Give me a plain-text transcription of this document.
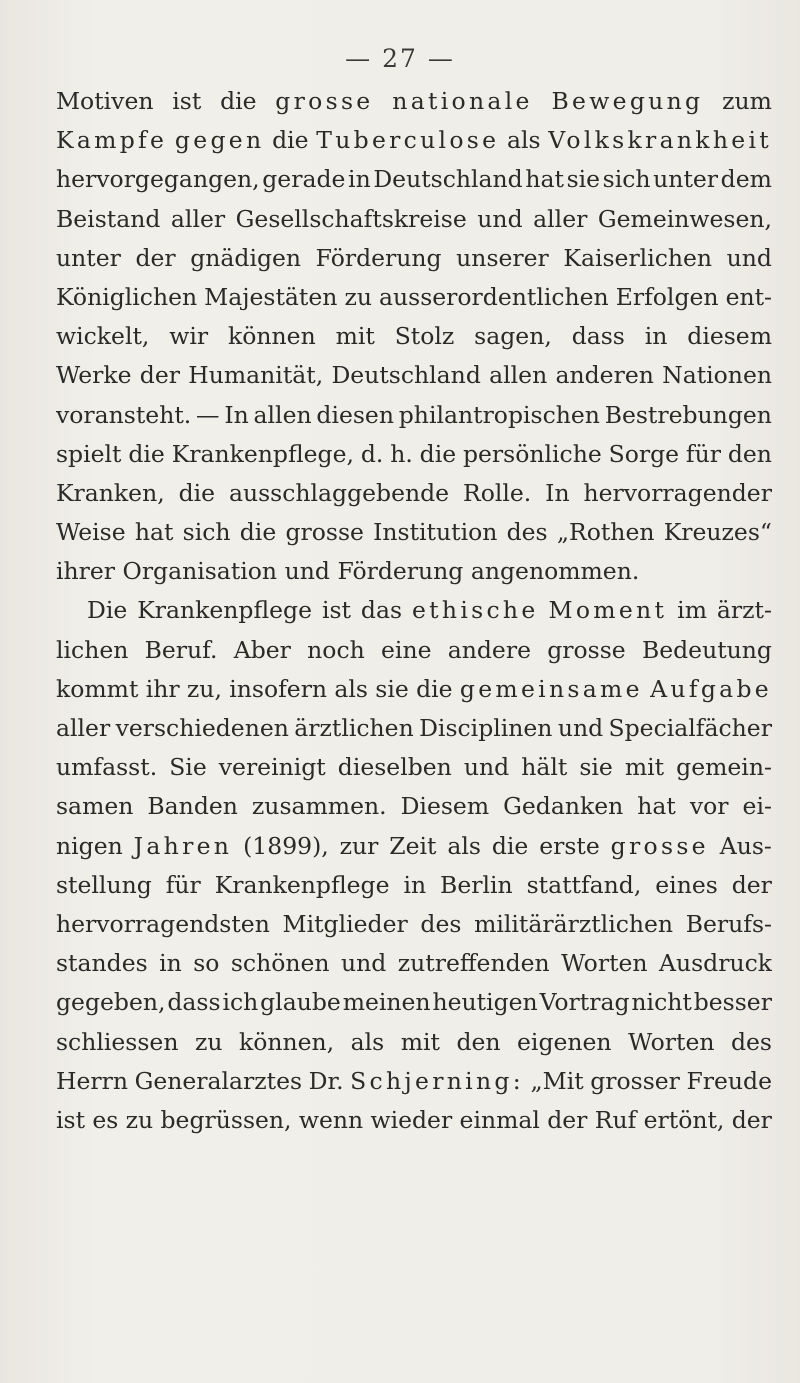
— 27 —
Motiven ist die grosse nationale Bewegung zum
Kampfe gegen die Tuberculose als Volkskrankheit
hervorgegangen, gerade in Deutschland hat sie sich unter dem
Beistand aller Gesellschaftskreise und aller Gemeinwesen,
unter der gnädigen Förderung unserer Kaiserlichen und
Königlichen Majestäten zu ausserordentlichen Erfolgen ent-
wickelt, wir können mit Stolz sagen, dass in diesem
Werke der Humanität, Deutschland allen anderen Nationen
voransteht. — In allen diesen philantropischen Bestrebungen
spielt die Krankenpflege, d. h. die persönliche Sorge für den
Kranken, die ausschlaggebende Rolle. In hervorragender
Weise hat sich die grosse Institution des „Rothen Kreuzes“
ihrer Organisation und Förderung angenommen.
Die Krankenpflege ist das ethische Moment im ärzt-
lichen Beruf. Aber noch eine andere grosse Bedeutung
kommt ihr zu, insofern als sie die gemeinsame Aufgabe
aller verschiedenen ärztlichen Disciplinen und Specialfächer
umfasst. Sie vereinigt dieselben und hält sie mit gemein-
samen Banden zusammen. Diesem Gedanken hat vor ei-
nigen Jahren (1899), zur Zeit als die erste grosse Aus-
stellung für Krankenpflege in Berlin stattfand, eines der
hervorragendsten Mitglieder des militärärztlichen Berufs-
standes in so schönen und zutreffenden Worten Ausdruck
gegeben, dass ich glaube meinen heutigen Vortrag nicht besser
schliessen zu können, als mit den eigenen Worten des
Herrn Generalarztes Dr. Schjerning: „Mit grosser Freude
ist es zu begrüssen, wenn wieder einmal der Ruf ertönt, der
